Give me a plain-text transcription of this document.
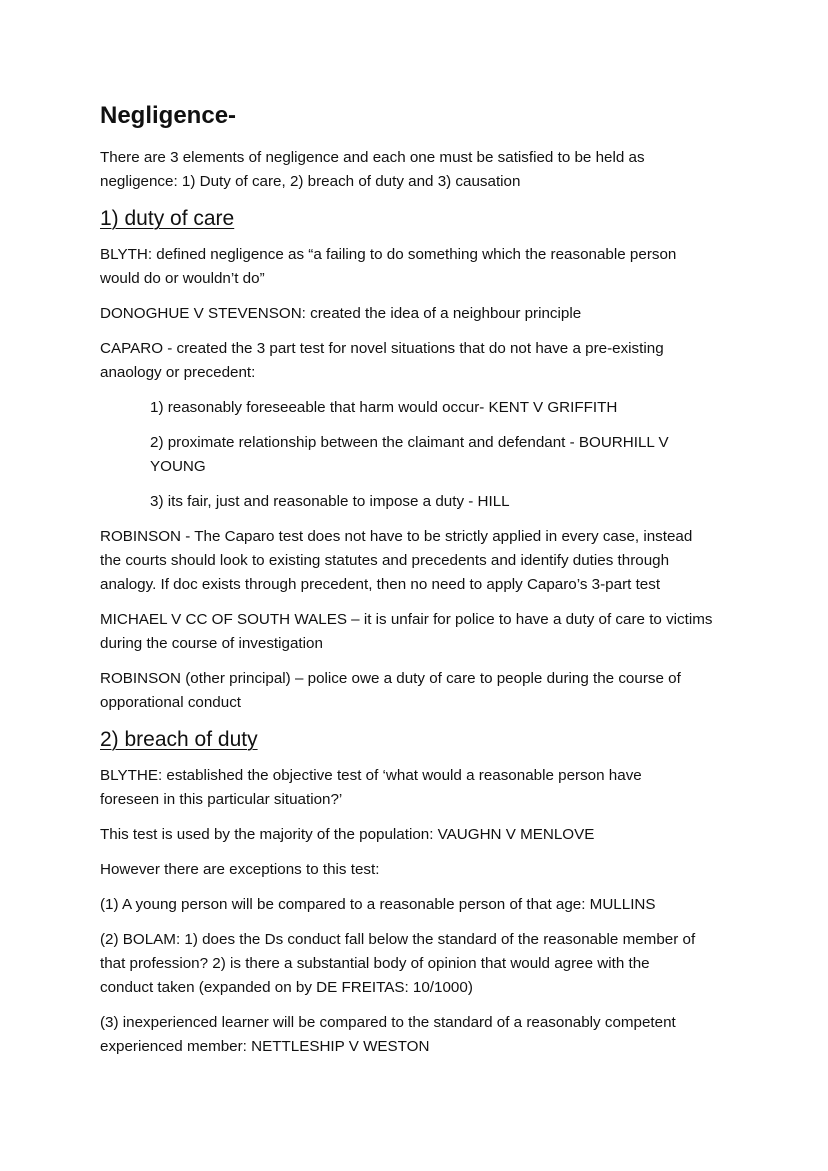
Negligence-

There are 3 elements of negligence and each one must be satisfied to be held as
negligence: 1) Duty of care, 2) breach of duty and 3) causation

1) duty of care

BLYTH: defined negligence as “a failing to do something which the reasonable person
would do or wouldn’t do”

DONOGHUE V STEVENSON: created the idea of a neighbour principle

CAPARO - created the 3 part test for novel situations that do not have a pre-existing
anaology or precedent:

1) reasonably foreseeable that harm would occur- KENT V GRIFFITH

2) proximate relationship between the claimant and defendant - BOURHILL V
YOUNG

3) its fair, just and reasonable to impose a duty - HILL

ROBINSON - The Caparo test does not have to be strictly applied in every case, instead
the courts should look to existing statutes and precedents and identify duties through
analogy. If doc exists through precedent, then no need to apply Caparo’s 3-part test

MICHAEL V CC OF SOUTH WALES – it is unfair for police to have a duty of care to victims
during the course of investigation

ROBINSON (other principal) – police owe a duty of care to people during the course of
opporational conduct

2) breach of duty

BLYTHE: established the objective test of ‘what would a reasonable person have
foreseen in this particular situation?’

This test is used by the majority of the population: VAUGHN V MENLOVE

However there are exceptions to this test:

(1) A young person will be compared to a reasonable person of that age: MULLINS

(2) BOLAM: 1) does the Ds conduct fall below the standard of the reasonable member of
that profession? 2) is there a substantial body of opinion that would agree with the
conduct taken (expanded on by DE FREITAS: 10/1000)

(3) inexperienced learner will be compared to the standard of a reasonably competent
experienced member: NETTLESHIP V WESTON
